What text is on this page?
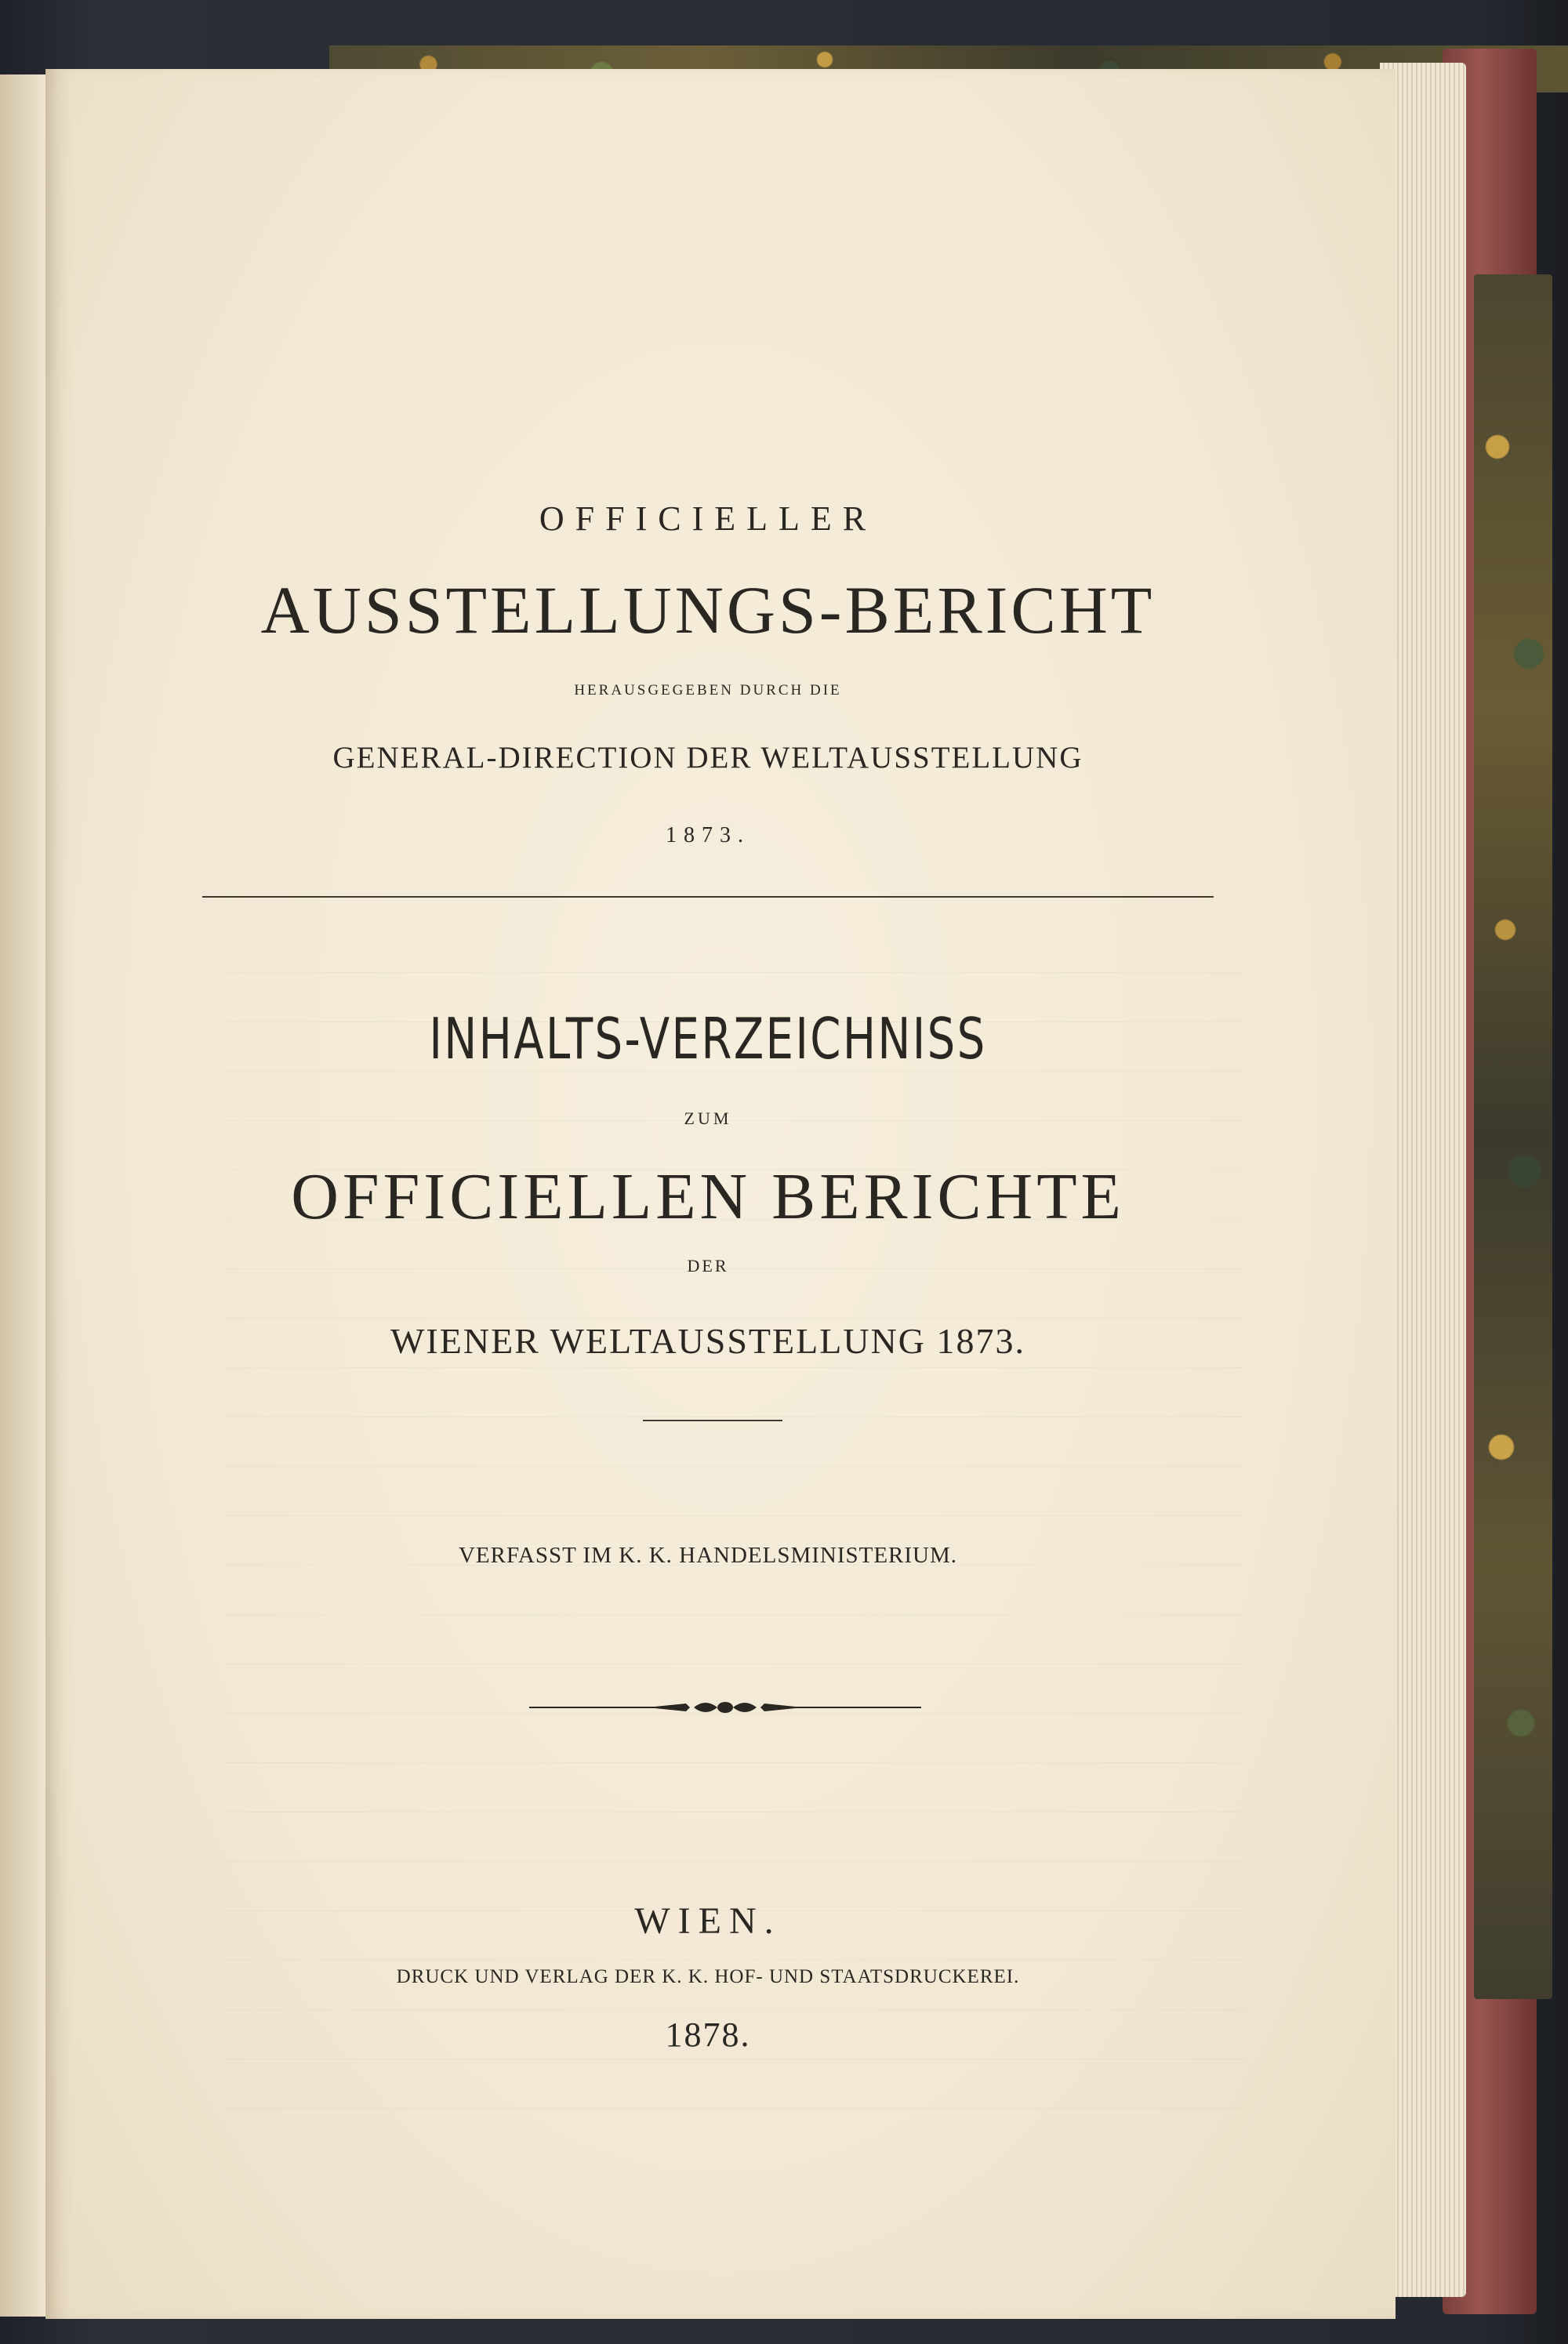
OFFICIELLER
AUSSTELLUNGS-BERICHT
HERAUSGEGEBEN DURCH DIE
GENERAL-DIRECTION DER WELTAUSSTELLUNG
1873.
INHALTS-VERZEICHNISS
ZUM
OFFICIELLEN BERICHTE
DER
WIENER WELTAUSSTELLUNG 1873.
VERFASST IM K. K. HANDELSMINISTERIUM.
WIEN.
DRUCK UND VERLAG DER K. K. HOF- UND STAATSDRUCKEREI.
1878.
